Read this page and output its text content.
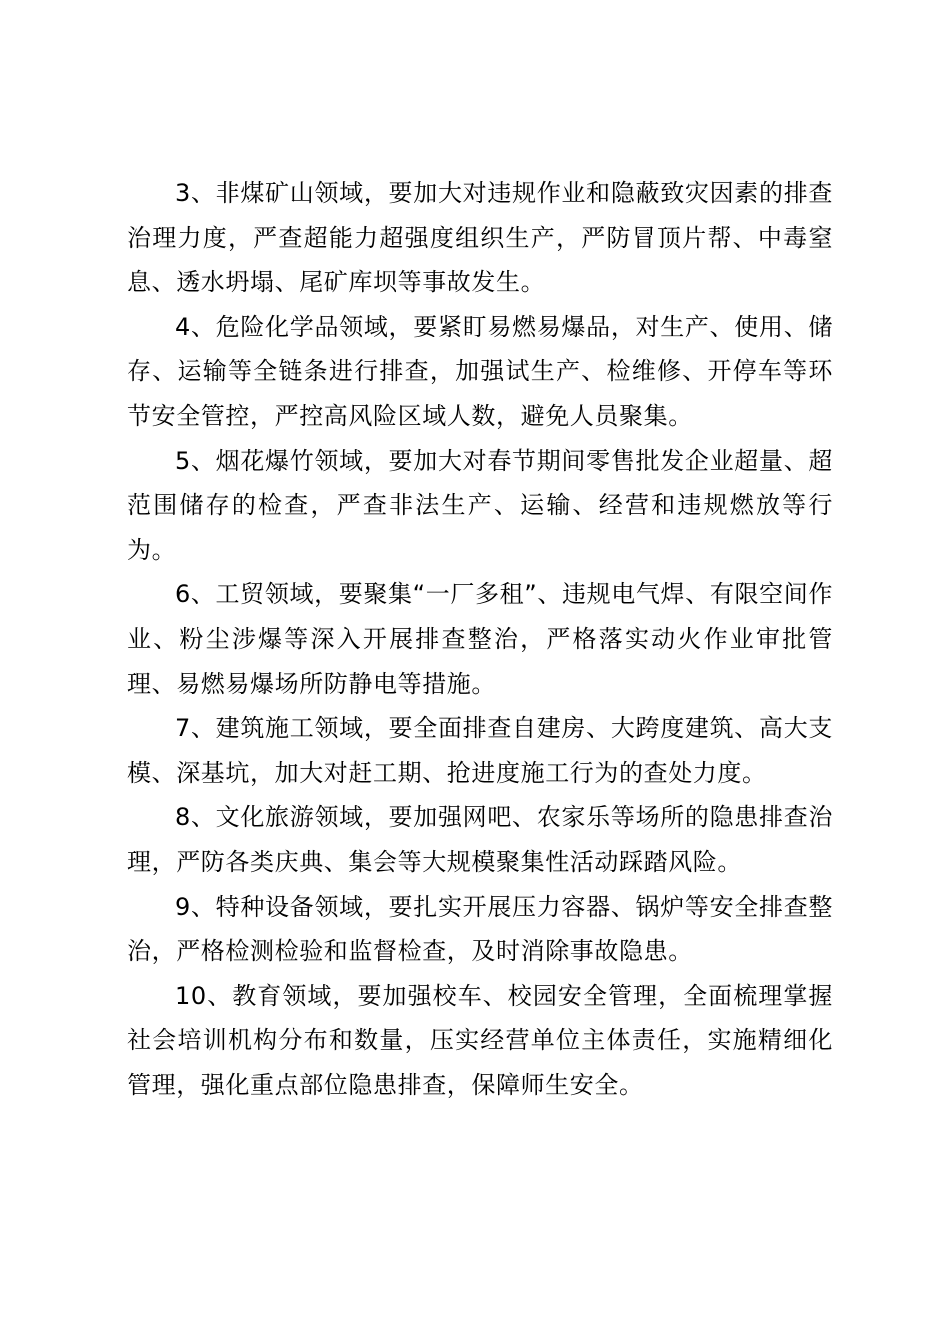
3、非煤矿山领域，要加大对违规作业和隐蔽致灾因素的排查治理力度，严查超能力超强度组织生产，严防冒顶片帮、中毒窒息、透水坍塌、尾矿库坝等事故发生。

4、危险化学品领域，要紧盯易燃易爆品，对生产、使用、储存、运输等全链条进行排查，加强试生产、检维修、开停车等环节安全管控，严控高风险区域人数，避免人员聚集。

5、烟花爆竹领域，要加大对春节期间零售批发企业超量、超范围储存的检查，严查非法生产、运输、经营和违规燃放等行为。

6、工贸领域，要聚集“一厂多租”、违规电气焊、有限空间作业、粉尘涉爆等深入开展排查整治，严格落实动火作业审批管理、易燃易爆场所防静电等措施。

7、建筑施工领域，要全面排查自建房、大跨度建筑、高大支模、深基坑，加大对赶工期、抢进度施工行为的查处力度。

8、文化旅游领域，要加强网吧、农家乐等场所的隐患排查治理，严防各类庆典、集会等大规模聚集性活动踩踏风险。

9、特种设备领域，要扎实开展压力容器、锅炉等安全排查整治，严格检测检验和监督检查，及时消除事故隐患。

10、教育领域，要加强校车、校园安全管理，全面梳理掌握社会培训机构分布和数量，压实经营单位主体责任，实施精细化管理，强化重点部位隐患排查，保障师生安全。
